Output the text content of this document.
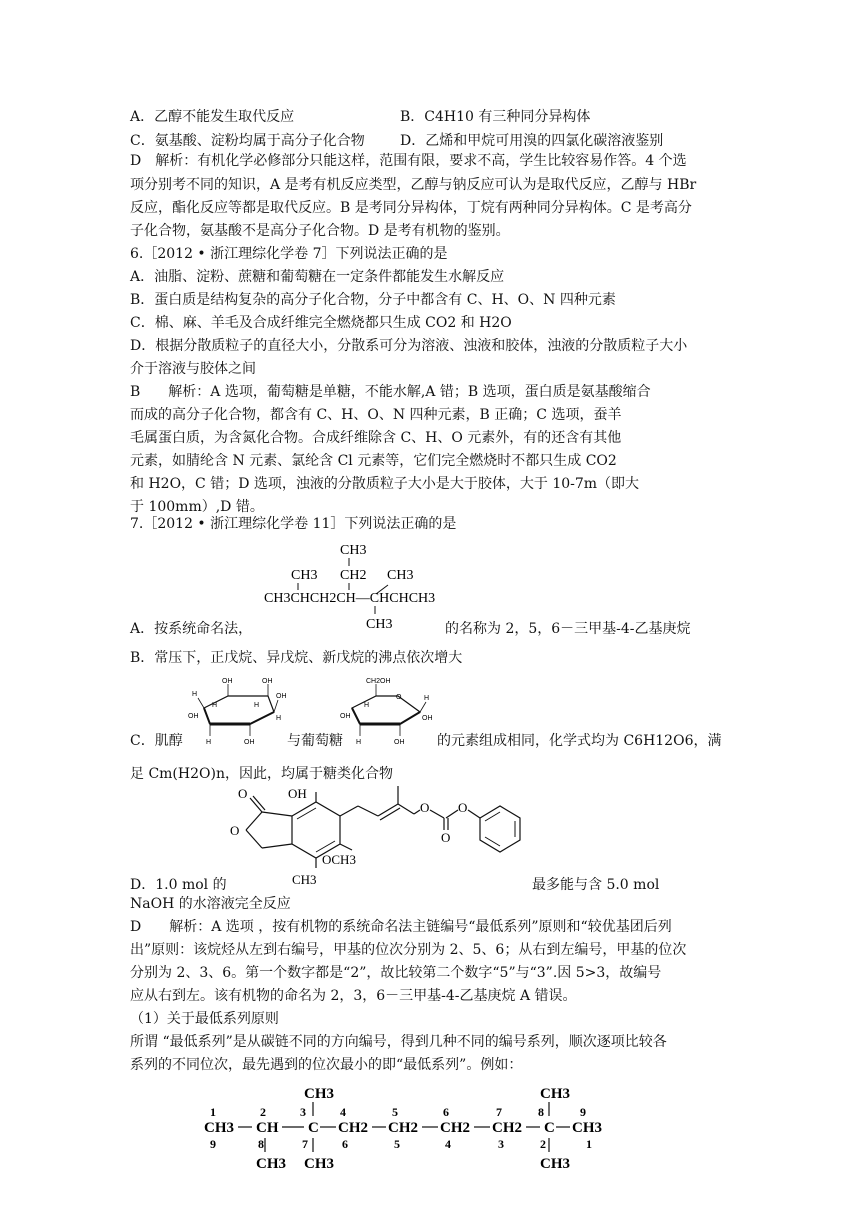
A．乙醇不能发生取代反应	B．C4H10 有三种同分异构体
C．氨基酸、淀粉均属于高分子化合物	D．乙烯和甲烷可用溴的四氯化碳溶液鉴别
D　解析：有机化学必修部分只能这样，范围有限，要求不高，学生比较容易作答。4 个选
项分别考不同的知识，A 是考有机反应类型，乙醇与钠反应可认为是取代反应，乙醇与 HBr
反应，酯化反应等都是取代反应。B 是考同分异构体，丁烷有两种同分异构体。C 是考高分
子化合物，氨基酸不是高分子化合物。D 是考有机物的鉴别。
6.［2012 • 浙江理综化学卷 7］下列说法正确的是
A．油脂、淀粉、蔗糖和葡萄糖在一定条件都能发生水解反应
B．蛋白质是结构复杂的高分子化合物，分子中都含有 C、H、O、N 四种元素
C．棉、麻、羊毛及合成纤维完全燃烧都只生成 CO2 和 H2O
D．根据分散质粒子的直径大小，分散系可分为溶液、浊液和胶体，浊液的分散质粒子大小
介于溶液与胶体之间
B　　解析：A 选项，葡萄糖是单糖，不能水解,A 错；B 选项，蛋白质是氨基酸缩合
而成的高分子化合物，都含有 C、H、O、N 四种元素，B 正确；C 选项，蚕羊
毛属蛋白质，为含氮化合物。合成纤维除含 C、H、O 元素外，有的还含有其他
元素，如腈纶含 N 元素、氯纶含 Cl 元素等，它们完全燃烧时不都只生成 CO2
和 H2O，C 错；D 选项，浊液的分散质粒子大小是大于胶体，大于 10-7m（即大
于 100mm）,D 错。
7.［2012 • 浙江理综化学卷 11］下列说法正确的是
CH3
CH3 CH2 CH3
CH3CHCH2CH—CHCHCH3
CH3
A．按系统命名法，	的名称为 2，5，6－三甲基-4-乙基庚烷
B．常压下，正戊烷、异戊烷、新戊烷的沸点依次增大
OH	OH
H	OH
H	H
OH	H
H	OH
CH2OH
O	H
H
OH	OH
H	OH
C．肌醇	与葡萄糖	的元素组成相同，化学式均为 C6H12O6，满
足 Cm(H2O)n，因此，均属于糖类化合物
O
O
OH
OCH3
CH3
O
O
O
D．1.0 mol 的	最多能与含 5.0 mol
NaOH 的水溶液完全反应
D　　解析：A 选项 ，按有机物的系统命名法主链编号“最低系列”原则和“较优基团后列
出”原则：该烷烃从左到右编号，甲基的位次分别为 2、5、6；从右到左编号，甲基的位次
分别为 2、3、6。第一个数字都是“2”，故比较第二个数字“5”与“3”.因 5>3，故编号
应从右到左。该有机物的命名为 2，3，6－三甲基-4-乙基庚烷 A 错误。
（1）关于最低系列原则
所谓 “最低系列”是从碳链不同的方向编号，得到几种不同的编号系列，顺次逐项比较各
系列的不同位次，最先遇到的位次最小的即“最低系列”。例如：
CH3	CH3
1	2	3	4	5	6	7	8	9
CH3 CH C CH2 CH2 CH2 CH2 C CH3
9	8	7	6	5	4	3	2	1
CH3 CH3	CH3
